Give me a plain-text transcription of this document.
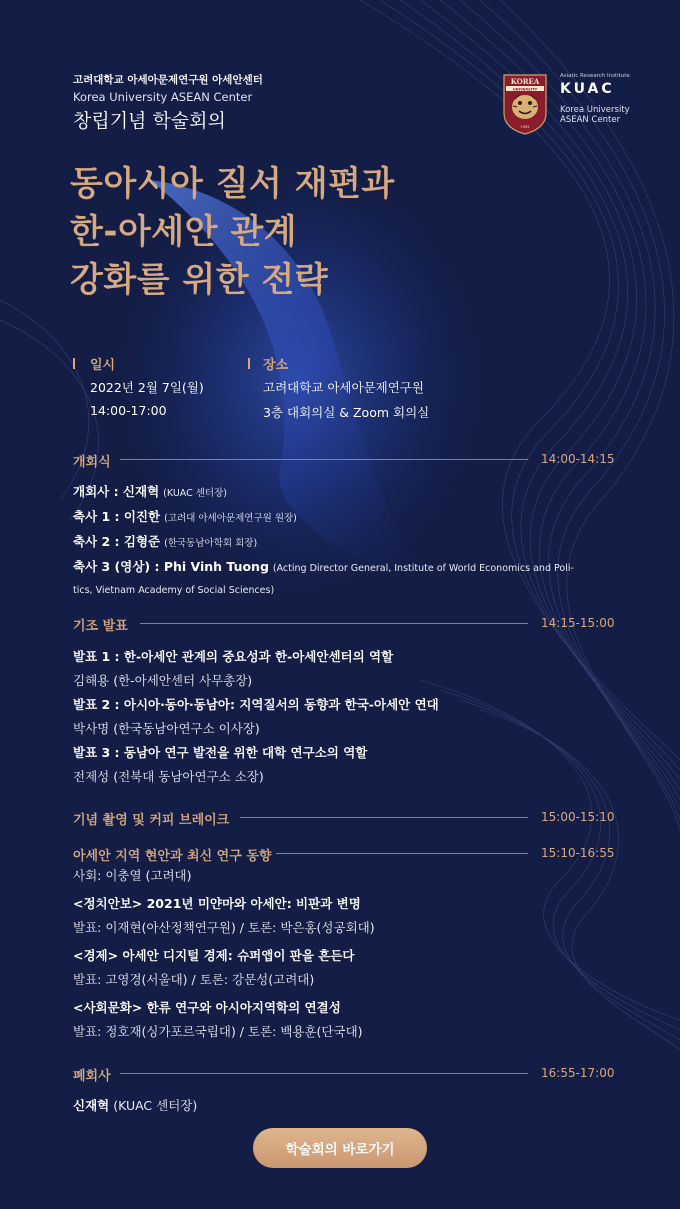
고려대학교 아세아문제연구원 아세안센터
Korea University ASEAN Center
창립기념 학술회의
KOREA
UNIVERSITY
1905
Asiatic Research Institute
KUAC
Korea University
ASEAN Center
동아시아 질서 재편과
한-아세안 관계
강화를 위한 전략
일시
2022년 2월 7일(월)
14:00-17:00
장소
고려대학교 아세아문제연구원
3층 대회의실 & Zoom 회의실
개회식	14:00-14:15
개회사 : 신재혁 (KUAC 센터장)
축사 1 : 이진한 (고려대 아세아문제연구원 원장)
축사 2 : 김형준 (한국동남아학회 회장)
축사 3 (영상) : Phi Vinh Tuong (Acting Director General, Institute of World Economics and Poli-
tics, Vietnam Academy of Social Sciences)
기조 발표	14:15-15:00
발표 1 : 한-아세안 관계의 중요성과 한-아세안센터의 역할
김해용 (한-아세안센터 사무총장)
발표 2 : 아시아·동아·동남아: 지역질서의 동향과 한국-아세안 연대
박사명 (한국동남아연구소 이사장)
발표 3 : 동남아 연구 발전을 위한 대학 연구소의 역할
전제성 (전북대 동남아연구소 소장)
기념 촬영 및 커피 브레이크	15:00-15:10
아세안 지역 현안과 최신 연구 동향	15:10-16:55
사회: 이충열 (고려대)
<정치안보> 2021년 미얀마와 아세안: 비판과 변명
발표: 이재현(아산정책연구원) / 토론: 박은홍(성공회대)
<경제> 아세안 디지털 경제: 슈퍼앱이 판을 흔든다
발표: 고영경(서울대) / 토론: 강문성(고려대)
<사회문화> 한류 연구와 아시아지역학의 연결성
발표: 정호재(싱가포르국립대) / 토론: 백용훈(단국대)
폐회사	16:55-17:00
신재혁 (KUAC 센터장)
학술회의 바로가기
